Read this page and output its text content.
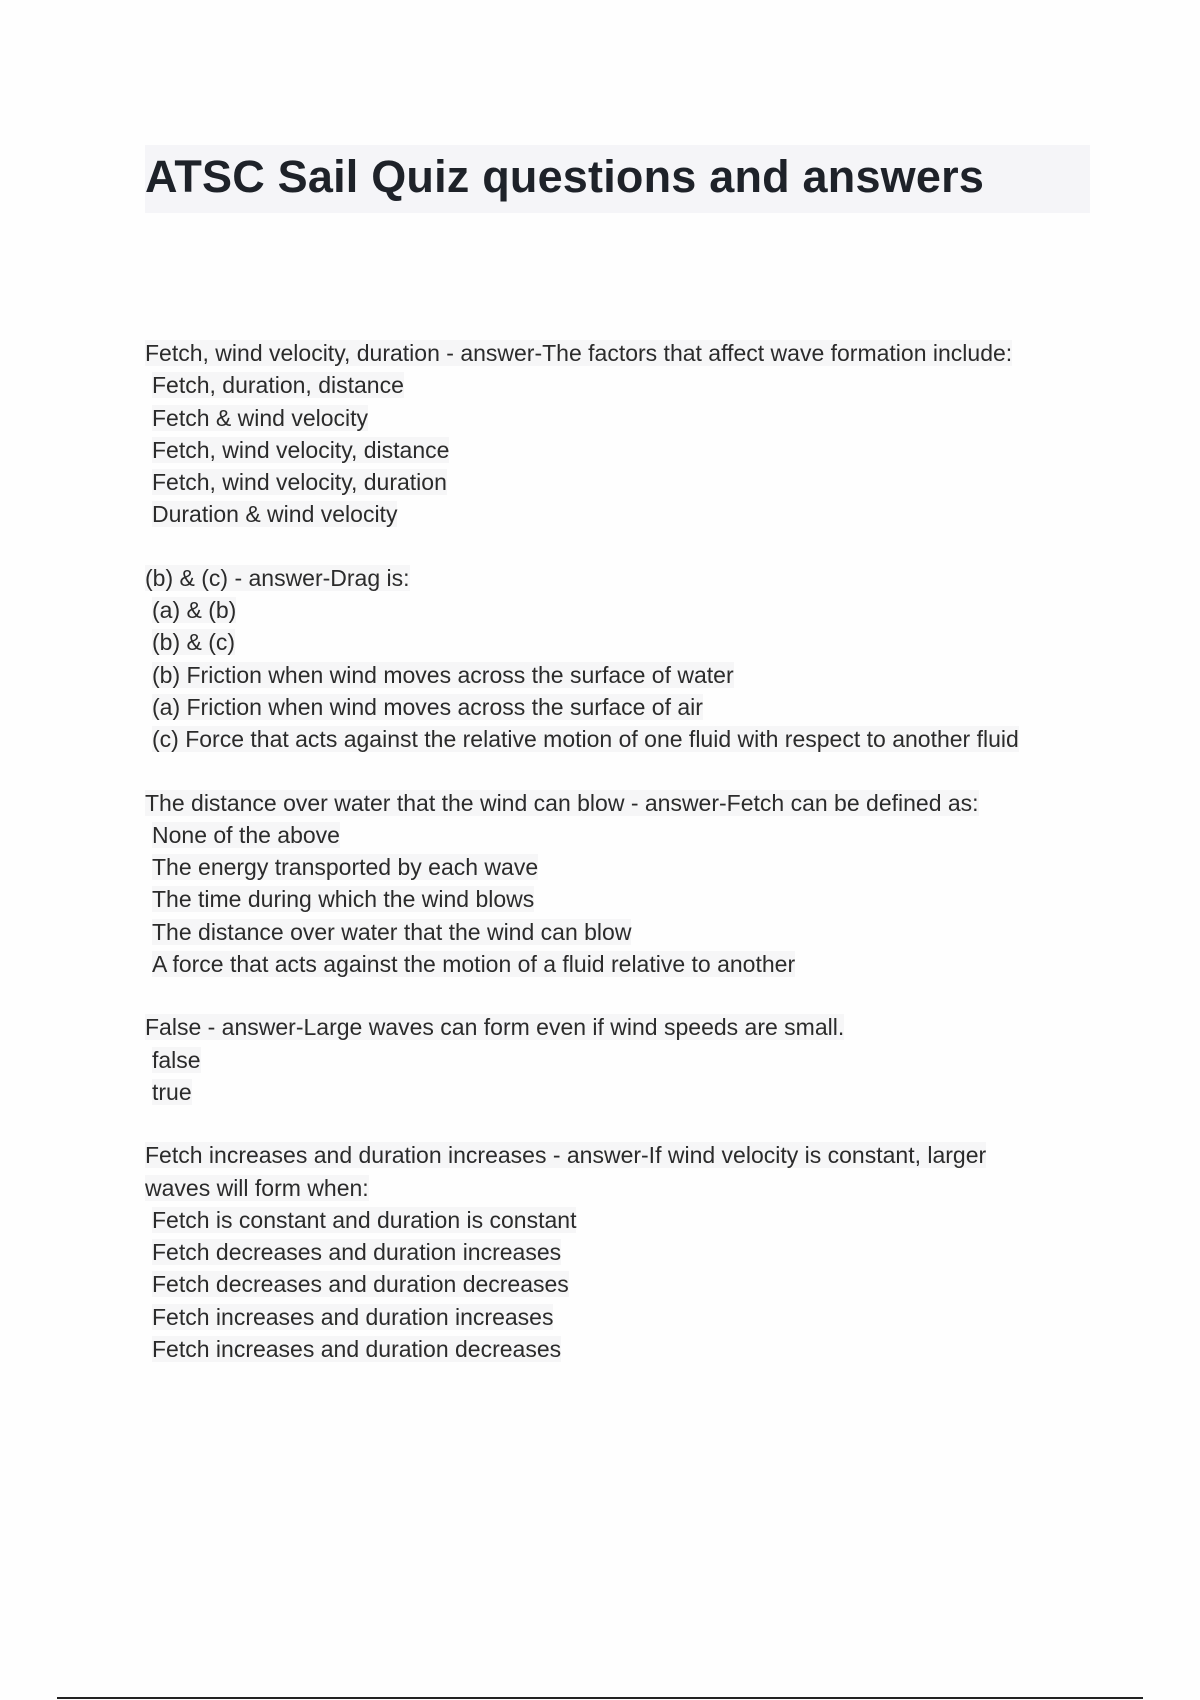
ATSC Sail Quiz questions and answers
Fetch, wind velocity, duration - answer-The factors that affect wave formation include:
Fetch, duration, distance
Fetch & wind velocity
Fetch, wind velocity, distance
Fetch, wind velocity, duration
Duration & wind velocity
(b) & (c) - answer-Drag is:
(a) & (b)
(b) & (c)
(b) Friction when wind moves across the surface of water
(a) Friction when wind moves across the surface of air
(c) Force that acts against the relative motion of one fluid with respect to another fluid
The distance over water that the wind can blow - answer-Fetch can be defined as:
None of the above
The energy transported by each wave
The time during which the wind blows
The distance over water that the wind can blow
A force that acts against the motion of a fluid relative to another
False - answer-Large waves can form even if wind speeds are small.
false
true
Fetch increases and duration increases - answer-If wind velocity is constant, larger
waves will form when:
Fetch is constant and duration is constant
Fetch decreases and duration increases
Fetch decreases and duration decreases
Fetch increases and duration increases
Fetch increases and duration decreases
